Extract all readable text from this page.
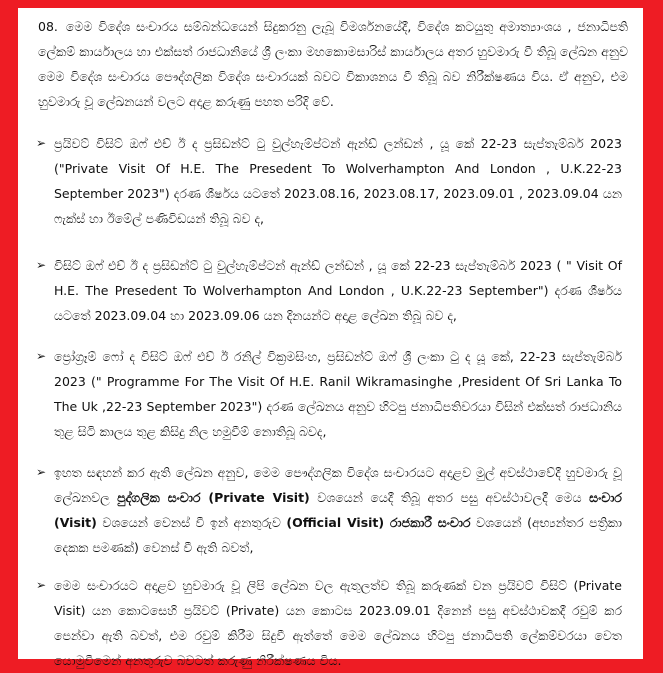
08. මෙම විදේශ සංචාරය සම්බන්ධයෙන් සිදුකරනු ලැබූ විමර්ශනයේදී, විදේශ කටයුතු අමාත්‍යාංශය , ජනාධිපති ලේකම් කාර්යාලය හා එක්සත් රාජධානියේ ශ්‍රී ලංකා මහකොමසාරිස් කාර්යාලය අතර හුවමාරු වී තිබූ ලේඛන අනුව මෙම විදේශ සංචාරය පෞද්ගලික විදේශ සංචාරයක් බවට විකාශනය වී තිබූ බව නිරීක්ෂණය විය. ඒ අනුව, එම හුවමාරු වූ ලේඛනයන් වලට අදාළ කරුණු පහත පරිදි වේ.
➢ ප්‍රයිවට් විසිට් ඔෆ් එච් ඊ ද ප්‍රසිඩන්ට් ටු වුල්හැම්ප්ටන් ඇන්ඩ් ලන්ඩන් , යූ කේ 22-23 සැප්තැම්බර් 2023 ("Private Visit Of H.E. The Presedent To Wolverhampton And London , U.K.22-23 September 2023") දරණ ශීර්ෂය යටතේ 2023.08.16, 2023.08.17, 2023.09.01 , 2023.09.04 යන ෆැක්ස් හා ඊමේල් පණිවිඩයන් තිබූ බව ද,

➢ විසිට් ඔෆ් එච් ඊ ද ප්‍රසිඩන්ට් ටු වුල්හැම්ප්ටන් ඇන්ඩ් ලන්ඩන් , යූ කේ 22-23 සැප්තැම්බර් 2023 ( " Visit Of H.E. The Presedent To Wolverhampton And London , U.K.22-23 September") දරණ ශීර්ෂය යටතේ 2023.09.04 හා 2023.09.06 යන දිනයන්ට අදාළ ලේඛන තිබූ බව ද,

➢ ප්‍රෝග්‍රෑම් ෆෝ ද විසිට් ඔෆ් එච් ඊ රනිල් වික්‍රමසිංහ, ප්‍රසිඩන්ට් ඔෆ් ශ්‍රී ලංකා ටු ද යූ කේ, 22-23 සැප්තැම්බර් 2023 (" Programme For The Visit Of H.E. Ranil Wikramasinghe ,President Of Sri Lanka To The Uk ,22-23 September 2023") දරණ ලේඛනය අනුව හිටපු ජනාධිපතිවරයා විසින් එක්සත් රාජධානිය තුළ සිටි කාලය තුළ කිසිදු නිල හමුවීම් නොතිබූ බවද,

➢ ඉහත සඳහන් කර ඇති ලේඛන අනුව, මෙම පෞද්ගලික විදේශ සංචාරයට අදාළව මුල් අවස්ථාවේදී හුවමාරු වූ ලේඛනවල පුද්ගලික සංචාර (Private Visit) වශයෙන් යෙදී තිබූ අතර පසු අවස්ථාවලදී මෙය සංචාර (Visit) වශයෙන් වෙනස් වී ඉන් අනතුරුව (Official Visit) රාජකාරී සංචාර වශයෙන් (අභ්‍යන්තර පත්‍රිකා දෙකක පමණක්) වෙනස් වී ඇති බවත්,

➢ මෙම සංචාරයට අදාළව හුවමාරු වූ ලිපි ලේඛන වල ඇතුලත්ව තිබූ කරුණක් වන ප්‍රයිවට් විසිට් (Private Visit) යන කොටසෙහි ප්‍රයිවට් (Private) යන කොටස 2023.09.01 දිනෙන් පසු අවස්ථාවකදී රවුම් කර පෙන්වා ඇති බවත්, එම රවුම් කිරීම සිදුවී ඇත්තේ මෙම ලේඛනය හිටපු ජනාධිපති ලේකම්වරයා වෙත යොමුවීමෙන් අනතුරුව බවටත් කරුණු නිරීක්ෂණය විය.
